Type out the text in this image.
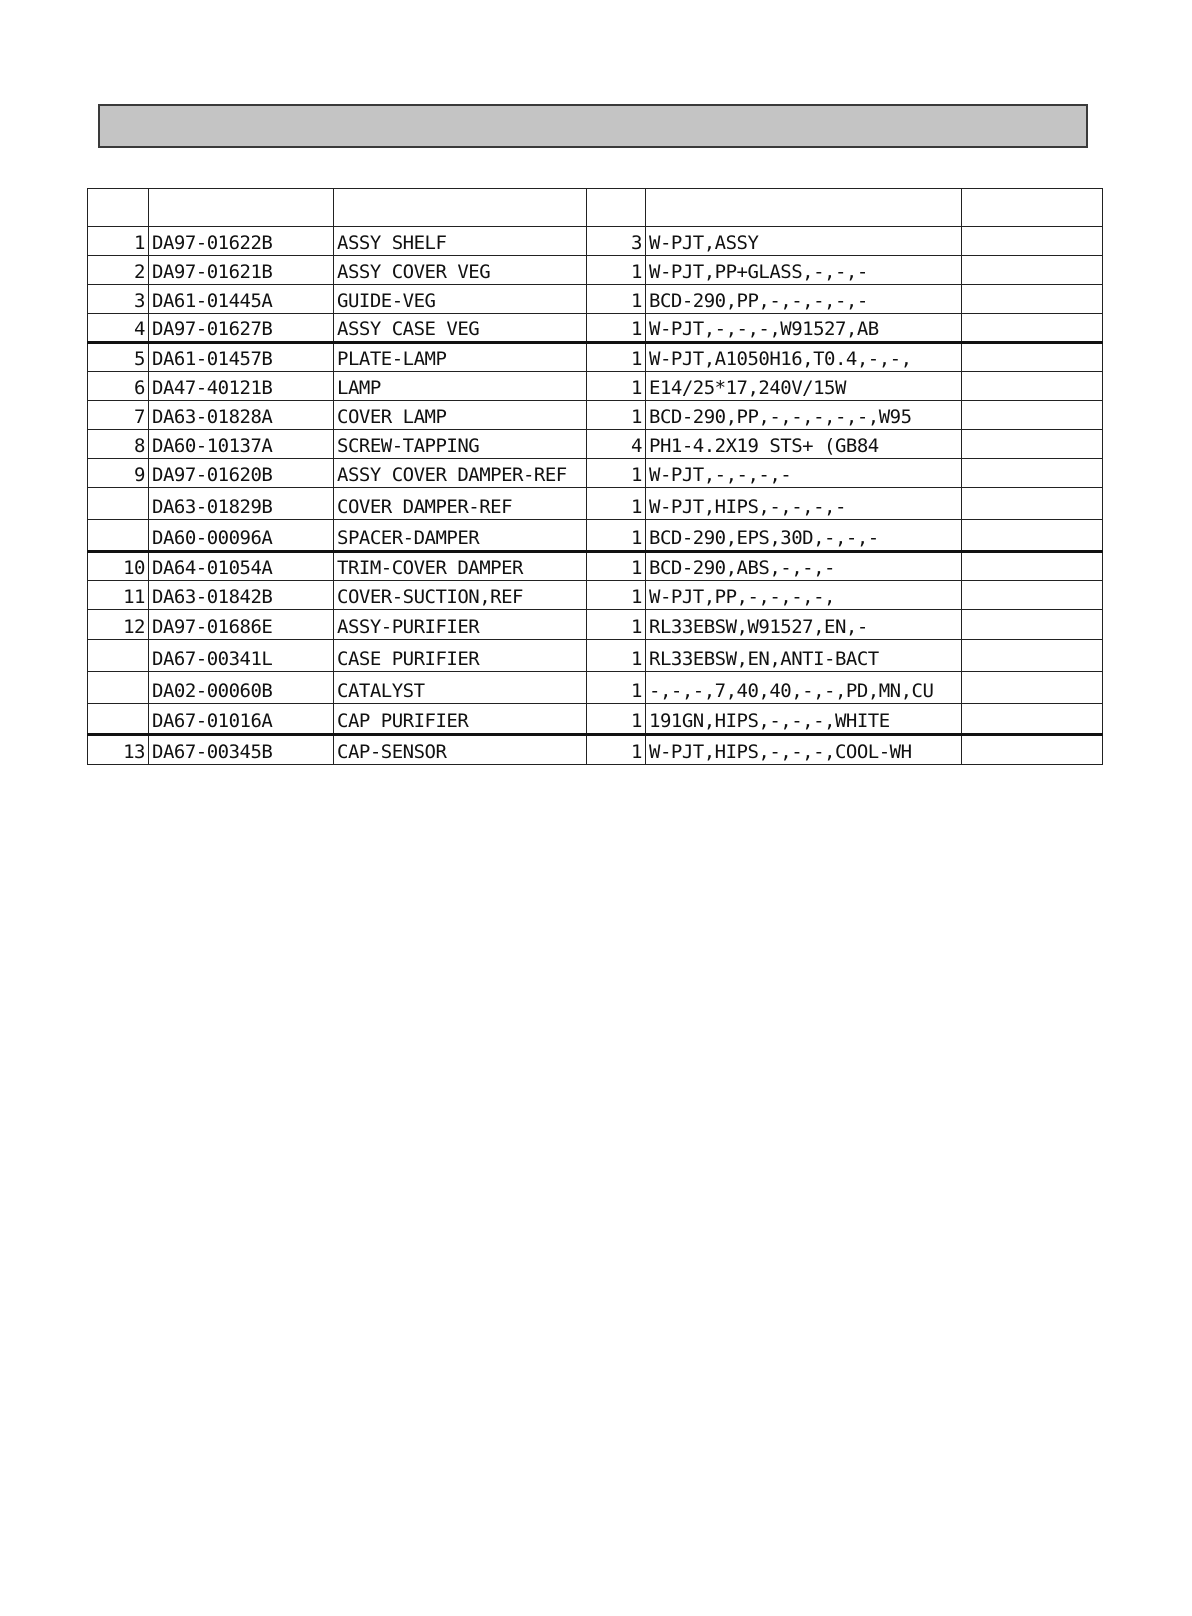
1	DA97-01622B	ASSY SHELF	3	W-PJT,ASSY	
2	DA97-01621B	ASSY COVER VEG	1	W-PJT,PP+GLASS,-,-,-	
3	DA61-01445A	GUIDE-VEG	1	BCD-290,PP,-,-,-,-,-	
4	DA97-01627B	ASSY CASE VEG	1	W-PJT,-,-,-,W91527,AB	
5	DA61-01457B	PLATE-LAMP	1	W-PJT,A1050H16,T0.4,-,-,	
6	DA47-40121B	LAMP	1	E14/25*17,240V/15W	
7	DA63-01828A	COVER LAMP	1	BCD-290,PP,-,-,-,-,-,W95	
8	DA60-10137A	SCREW-TAPPING	4	PH1-4.2X19 STS+ (GB84	
9	DA97-01620B	ASSY COVER DAMPER-REF	1	W-PJT,-,-,-,-	
	DA63-01829B	COVER DAMPER-REF	1	W-PJT,HIPS,-,-,-,-	
	DA60-00096A	SPACER-DAMPER	1	BCD-290,EPS,30D,-,-,-	
10	DA64-01054A	TRIM-COVER DAMPER	1	BCD-290,ABS,-,-,-	
11	DA63-01842B	COVER-SUCTION,REF	1	W-PJT,PP,-,-,-,-,	
12	DA97-01686E	ASSY-PURIFIER	1	RL33EBSW,W91527,EN,-	
	DA67-00341L	CASE PURIFIER	1	RL33EBSW,EN,ANTI-BACT	
	DA02-00060B	CATALYST	1	-,-,-,7,40,40,-,-,PD,MN,CU	
	DA67-01016A	CAP PURIFIER	1	191GN,HIPS,-,-,-,WHITE	
13	DA67-00345B	CAP-SENSOR	1	W-PJT,HIPS,-,-,-,COOL-WH	
